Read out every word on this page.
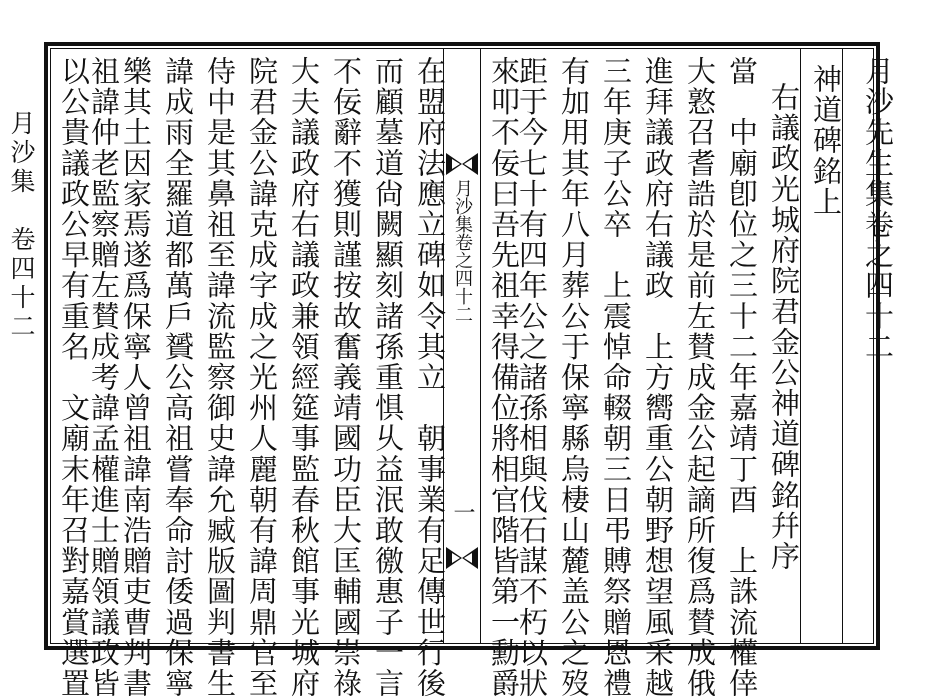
月沙集　卷四十二	月沙先生集卷之四十二
神道碑銘上
右議政光城府院君金公神道碑銘幷序
當　中廟卽位之三十二年嘉靖丁酉　上誅流權倖
大憝召耆誥於是前左賛成金公起謫所復爲賛成俄
進拜議政府右議政　上方嚮重公朝野想望風采越
三年庚子公卒　上震悼命輟朝三日弔賻祭贈恩禮
有加用其年八月葬公于保寧縣烏棲山麓盖公之歿
距于今七十有四年公之諸孫相與伐石謀不朽以狀
來叩不佞曰吾先祖幸得備位將相官階皆第一勳爵
月沙集卷之四十二
一
在盟府法應立碑如令其立　朝事業有足傳世行後
而顧墓道尙闕顯刻諸孫重惧乆益泯敢徼惠子一言
不佞辭不獲則謹按故奮義靖國功臣大匡輔國崇祿
大夫議政府右議政兼領經筵事監春秋館事光城府
院君金公諱克成字成之光州人麗朝有諱周鼎官至
侍中是其鼻祖至諱流監察御史諱允臧版圖判書生
諱成雨全羅道都萬戶贇公高祖嘗奉命討倭過保寧
樂其土因家焉遂爲保寧人曾祖諱南浩贈吏曹判書
祖諱仲老監察贈左賛成考諱孟權進士贈領議政皆
以公貴議政公早有重名　文廟末年召對嘉賞選置
